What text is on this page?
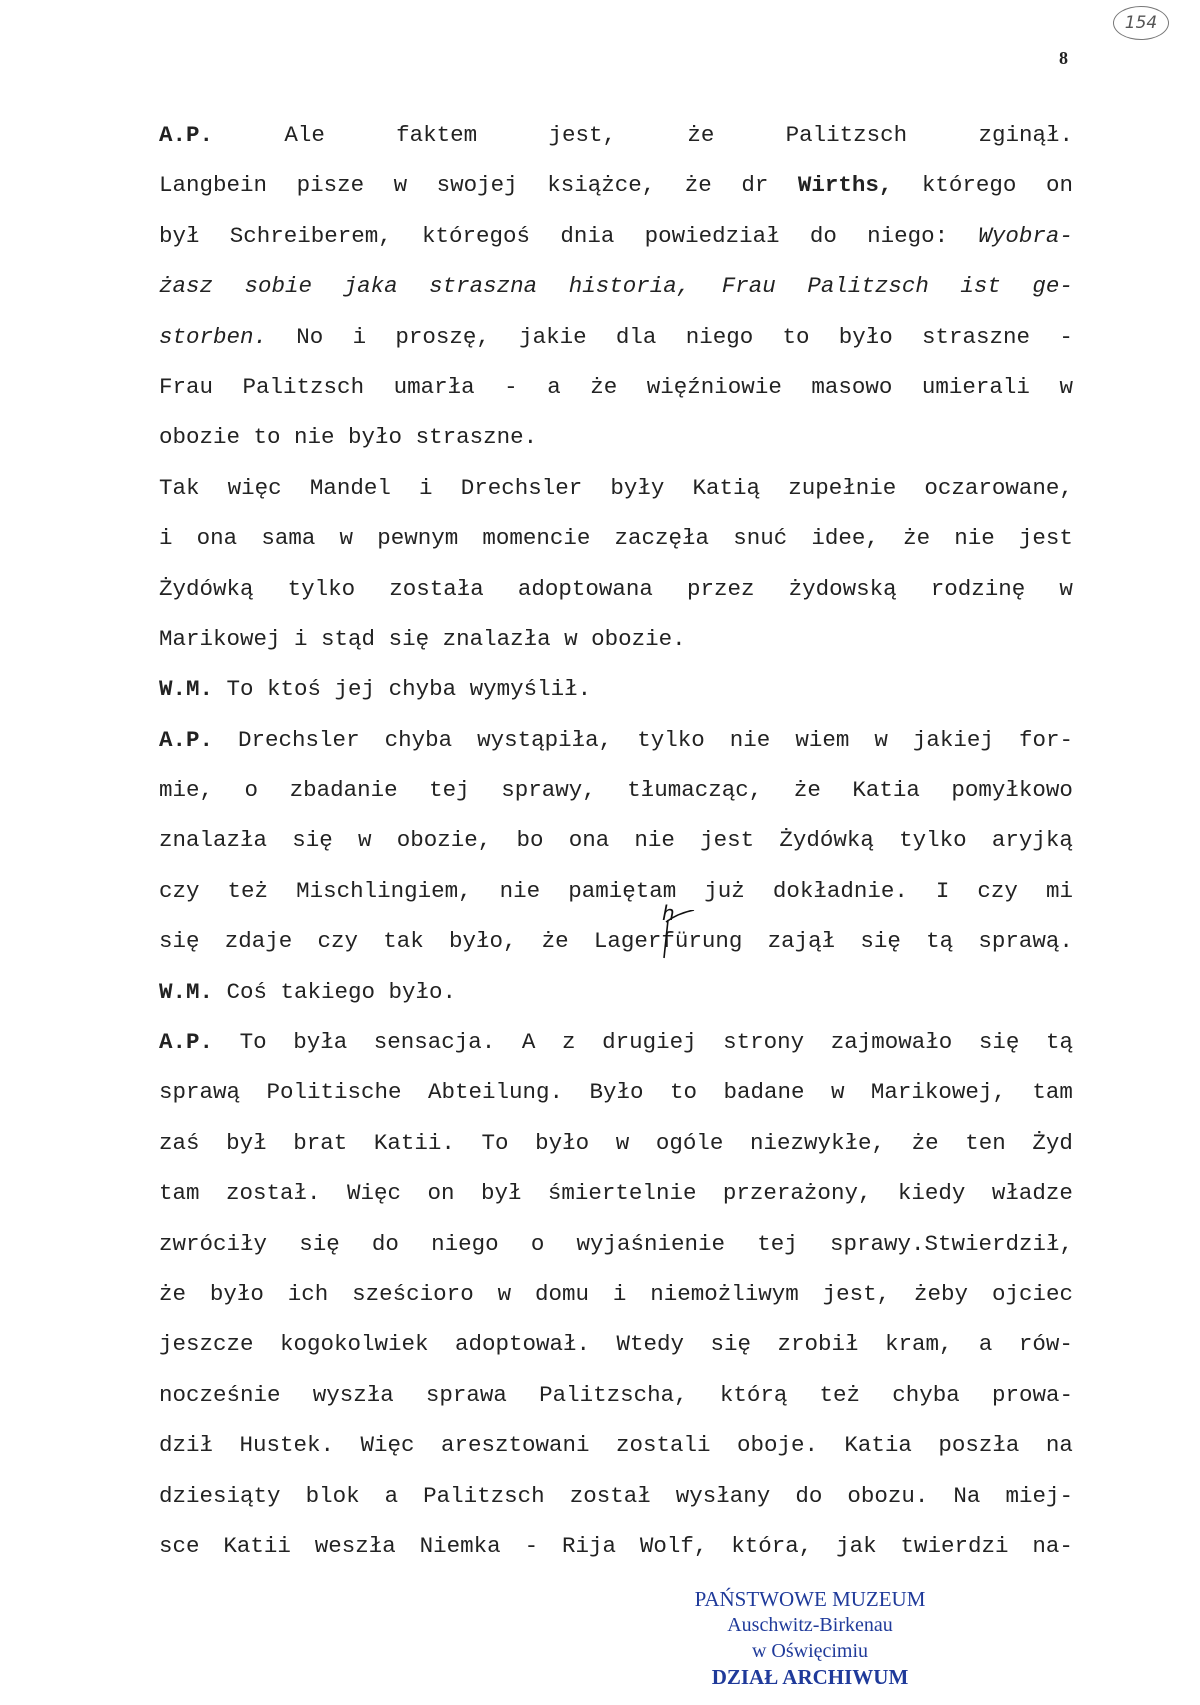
154
8
A.P.	Ale	faktem	jest,	że	Palitzsch	zginął.
Langbein pisze w swojej książce, że dr Wirths, którego on
był Schreiberem, któregoś dnia powiedział do niego: Wyobra-
żasz sobie jaka straszna historia, Frau Palitzsch ist ge-
storben. No i proszę, jakie dla niego to było straszne -
Frau Palitzsch umarła - a że więźniowie masowo umierali w
obozie to nie było straszne.
Tak więc Mandel i Drechsler były Katią zupełnie oczarowane,
i ona sama w pewnym momencie zaczęła snuć idee, że nie jest
Żydówką tylko została adoptowana przez żydowską rodzinę w
Marikowej i stąd się znalazła w obozie.
W.M. To ktoś jej chyba wymyślił.
A.P. Drechsler chyba wystąpiła, tylko nie wiem w jakiej for-
mie, o zbadanie tej sprawy, tłumacząc, że Katia pomyłkowo
znalazła się w obozie, bo ona nie jest Żydówką tylko aryjką
czy też Mischlingiem, nie pamiętam już dokładnie. I czy mi
się zdaje czy tak było, że Lagerfürung zajął się tą sprawą.
W.M. Coś takiego było.
A.P. To była sensacja. A z drugiej strony zajmowało się tą
sprawą Politische Abteilung. Było to badane w Marikowej, tam
zaś był brat Katii. To było w ogóle niezwykłe, że ten Żyd
tam został. Więc on był śmiertelnie przerażony, kiedy władze
zwróciły się do niego o wyjaśnienie tej sprawy.Stwierdził,
że było ich sześcioro w domu i niemożliwym jest, żeby ojciec
jeszcze kogokolwiek adoptował. Wtedy się zrobił kram, a rów-
nocześnie wyszła sprawa Palitzscha, którą też chyba prowa-
dził Hustek. Więc aresztowani zostali oboje. Katia poszła na
dziesiąty blok a Palitzsch został wysłany do obozu. Na miej-
sce Katii weszła Niemka - Rija Wolf, która, jak twierdzi na-
h
PAŃSTWOWE MUZEUM
Auschwitz-Birkenau
w Oświęcimiu
DZIAŁ ARCHIWUM
